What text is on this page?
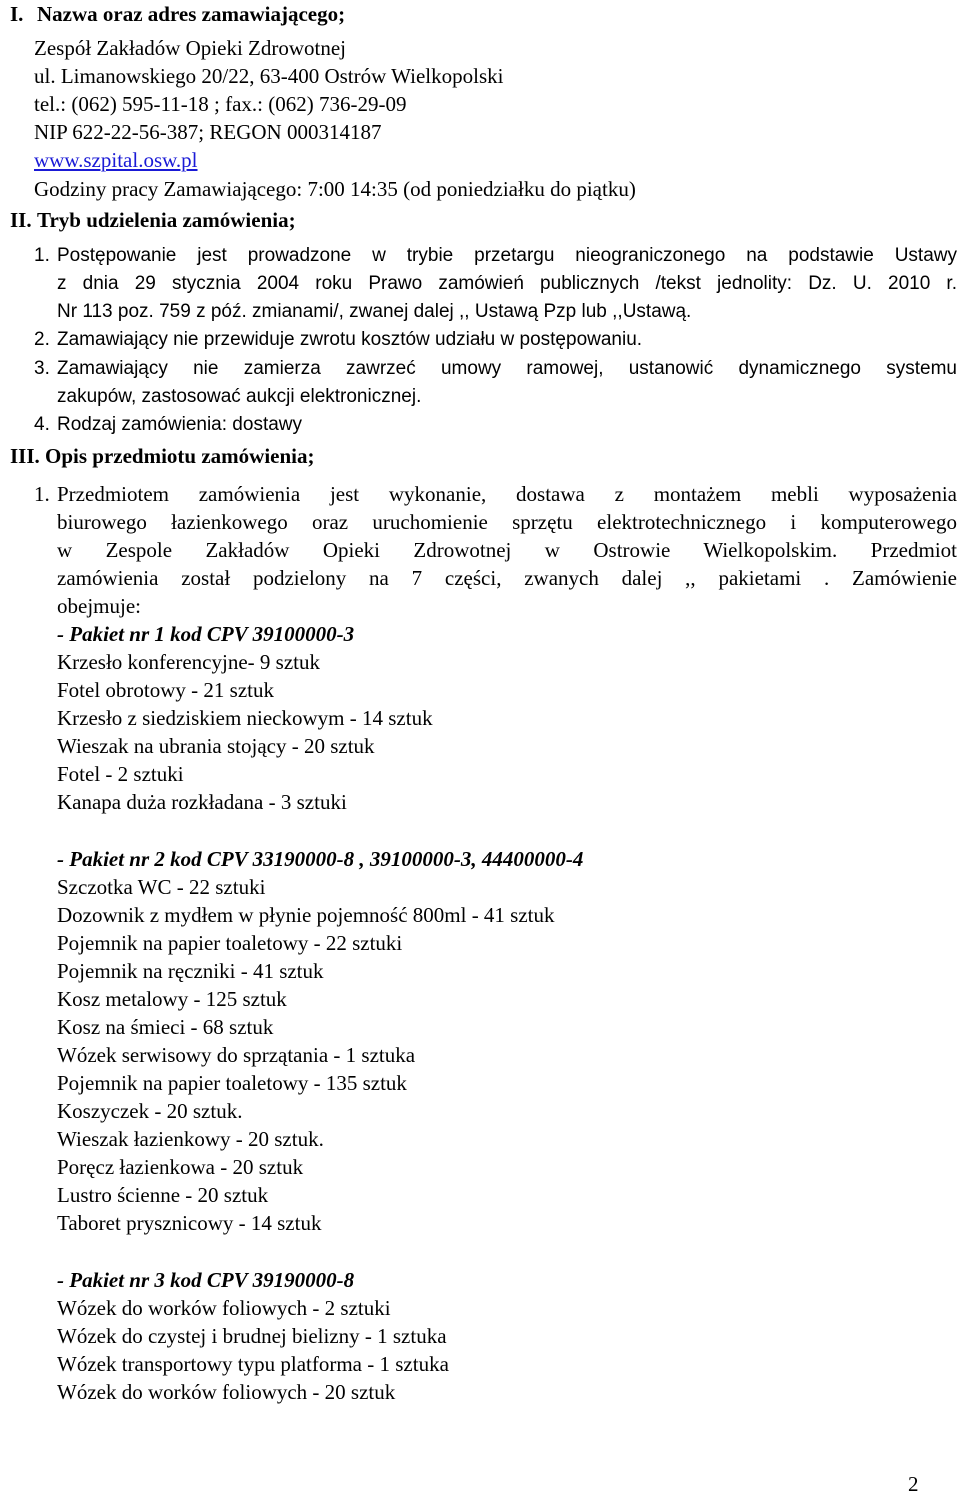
I. Nazwa oraz adres zamawiającego;
Zespół Zakładów Opieki Zdrowotnej
ul. Limanowskiego 20/22, 63-400 Ostrów Wielkopolski
tel.: (062) 595-11-18 ; fax.: (062) 736-29-09
NIP 622-22-56-387; REGON 000314187
www.szpital.osw.pl
Godziny pracy Zamawiającego: 7:00 14:35 (od poniedziałku do piątku)
II. Tryb udzielenia zamówienia;
1. Postępowanie jest prowadzone w trybie przetargu nieograniczonego na podstawie Ustawy
z dnia 29 stycznia 2004 roku Prawo zamówień publicznych /tekst jednolity: Dz. U. 2010 r.
Nr 113 poz. 759 z póź. zmianami/, zwanej dalej ,, Ustawą Pzp lub ,,Ustawą.
2. Zamawiający nie przewiduje zwrotu kosztów udziału w postępowaniu.
3. Zamawiający nie zamierza zawrzeć umowy ramowej, ustanowić dynamicznego systemu
zakupów, zastosować aukcji elektronicznej.
4. Rodzaj zamówienia: dostawy
III. Opis przedmiotu zamówienia;
1. Przedmiotem zamówienia jest wykonanie, dostawa z montażem mebli wyposażenia
biurowego łazienkowego oraz uruchomienie sprzętu elektrotechnicznego i komputerowego
w Zespole Zakładów Opieki Zdrowotnej w Ostrowie Wielkopolskim. Przedmiot
zamówienia został podzielony na 7 części, zwanych dalej ,, pakietami . Zamówienie
obejmuje:
- Pakiet nr 1 kod CPV 39100000-3
Krzesło konferencyjne- 9 sztuk
Fotel obrotowy - 21 sztuk
Krzesło z siedziskiem nieckowym - 14 sztuk
Wieszak na ubrania stojący - 20 sztuk
Fotel - 2 sztuki
Kanapa duża rozkładana - 3 sztuki
- Pakiet nr 2 kod CPV 33190000-8 , 39100000-3, 44400000-4
Szczotka WC - 22 sztuki
Dozownik z mydłem w płynie pojemność 800ml - 41 sztuk
Pojemnik na papier toaletowy - 22 sztuki
Pojemnik na ręczniki - 41 sztuk
Kosz metalowy - 125 sztuk
Kosz na śmieci - 68 sztuk
Wózek serwisowy do sprzątania - 1 sztuka
Pojemnik na papier toaletowy - 135 sztuk
Koszyczek - 20 sztuk.
Wieszak łazienkowy - 20 sztuk.
Poręcz łazienkowa - 20 sztuk
Lustro ścienne - 20 sztuk
Taboret prysznicowy - 14 sztuk
- Pakiet nr 3 kod CPV 39190000-8
Wózek do worków foliowych - 2 sztuki
Wózek do czystej i brudnej bielizny - 1 sztuka
Wózek transportowy typu platforma - 1 sztuka
Wózek do worków foliowych - 20 sztuk
2
